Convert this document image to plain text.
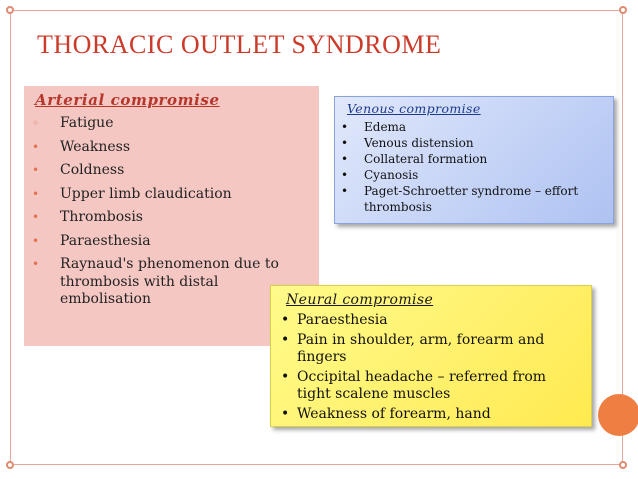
THORACIC OUTLET SYNDROME
Arterial compromise
◦ Fatigue
• Weakness
• Coldness
• Upper limb claudication
• Thrombosis
• Paraesthesia
• Raynaud's phenomenon due to thrombosis with distal embolisation
Venous compromise
• Edema
• Venous distension
• Collateral formation
• Cyanosis
• Paget-Schroetter syndrome – effort thrombosis
Neural compromise
• Paraesthesia
• Pain in shoulder, arm, forearm and fingers
• Occipital headache – referred from tight scalene muscles
• Weakness of forearm, hand
